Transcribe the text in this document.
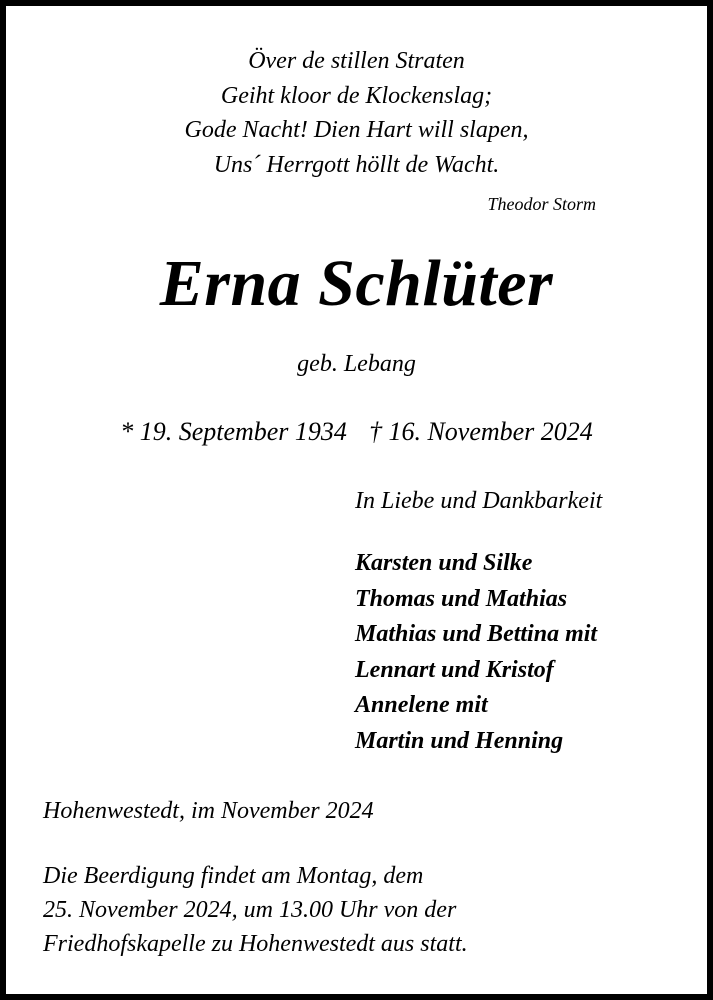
Över de stillen Straten
Geiht kloor de Klockenslag;
Gode Nacht! Dien Hart will slapen,
Uns´ Herrgott höllt de Wacht.
Theodor Storm
Erna Schlüter
geb. Lebang
* 19. September 1934 † 16. November 2024
In Liebe und Dankbarkeit
Karsten und Silke
Thomas und Mathias
Mathias und Bettina mit
Lennart und Kristof
Annelene mit
Martin und Henning
Hohenwestedt, im November 2024
Die Beerdigung findet am Montag, dem
25. November 2024, um 13.00 Uhr von der
Friedhofskapelle zu Hohenwestedt aus statt.
